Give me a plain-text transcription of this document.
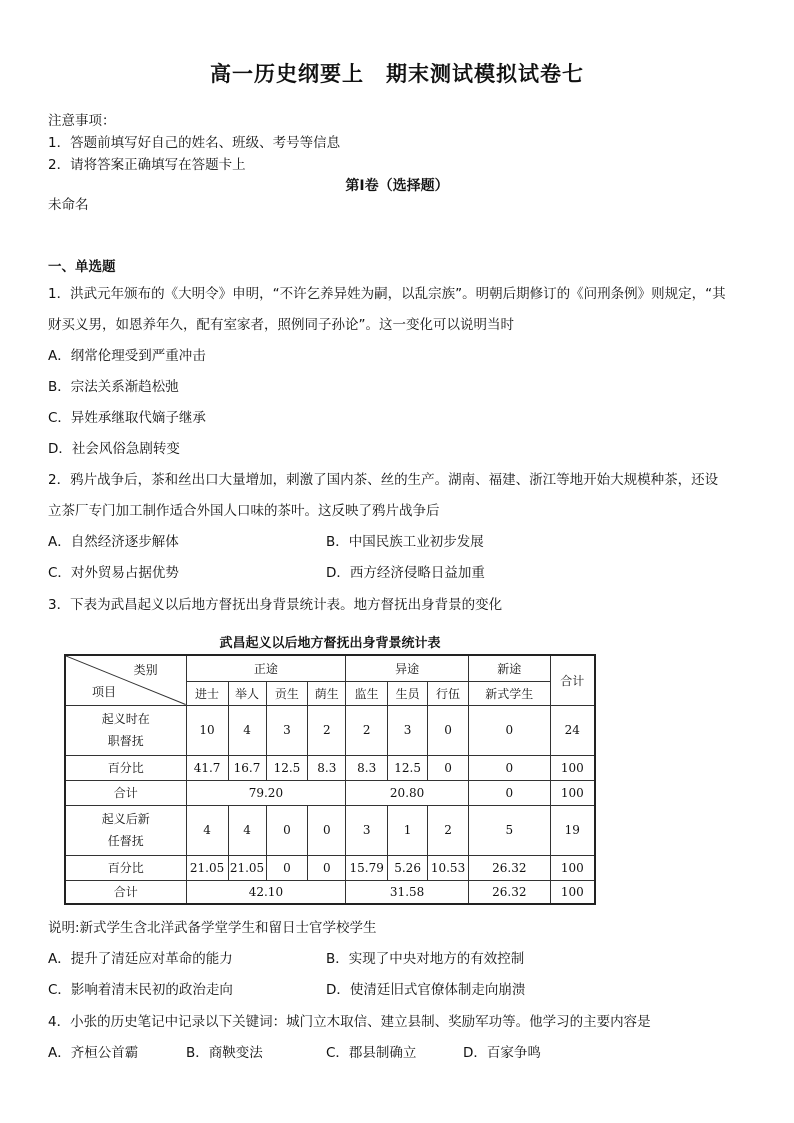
高一历史纲要上　期末测试模拟试卷七
注意事项：
1．答题前填写好自己的姓名、班级、考号等信息
2．请将答案正确填写在答题卡上
第I卷（选择题）
未命名
一、单选题
1．洪武元年颁布的《大明令》申明，“不许乞养异姓为嗣，以乱宗族”。明朝后期修订的《问刑条例》则规定，“其
财买义男，如恩养年久，配有室家者，照例同子孙论”。这一变化可以说明当时
A．纲常伦理受到严重冲击
B．宗法关系渐趋松弛
C．异姓承继取代嫡子继承
D．社会风俗急剧转变
2．鸦片战争后，茶和丝出口大量增加，刺激了国内茶、丝的生产。湖南、福建、浙江等地开始大规模种茶，还设
立茶厂专门加工制作适合外国人口味的茶叶。这反映了鸦片战争后
A．自然经济逐步解体	B．中国民族工业初步发展
C．对外贸易占据优势	D．西方经济侵略日益加重
3．下表为武昌起义以后地方督抚出身背景统计表。地方督抚出身背景的变化
武昌起义以后地方督抚出身背景统计表
类别
项目	正途				异途			新途	合计
	进士	举人	贡生	荫生	监生	生员	行伍	新式学生	
起义时在
职督抚	10	4	3	2	2	3	0	0	24
百分比	41.7	16.7	12.5	8.3	8.3	12.5	0	0	100
合计	79.20				20.80			0	100
起义后新
任督抚	4	4	0	0	3	1	2	5	19
百分比	21.05	21.05	0	0	15.79	5.26	10.53	26.32	100
合计	42.10				31.58			26.32	100
说明:新式学生含北洋武备学堂学生和留日士官学校学生
A．提升了清廷应对革命的能力	B．实现了中央对地方的有效控制
C．影响着清末民初的政治走向	D．使清廷旧式官僚体制走向崩溃
4．小张的历史笔记中记录以下关键词：城门立木取信、建立县制、奖励军功等。他学习的主要内容是
A．齐桓公首霸	B．商鞅变法	C．郡县制确立	D．百家争鸣
